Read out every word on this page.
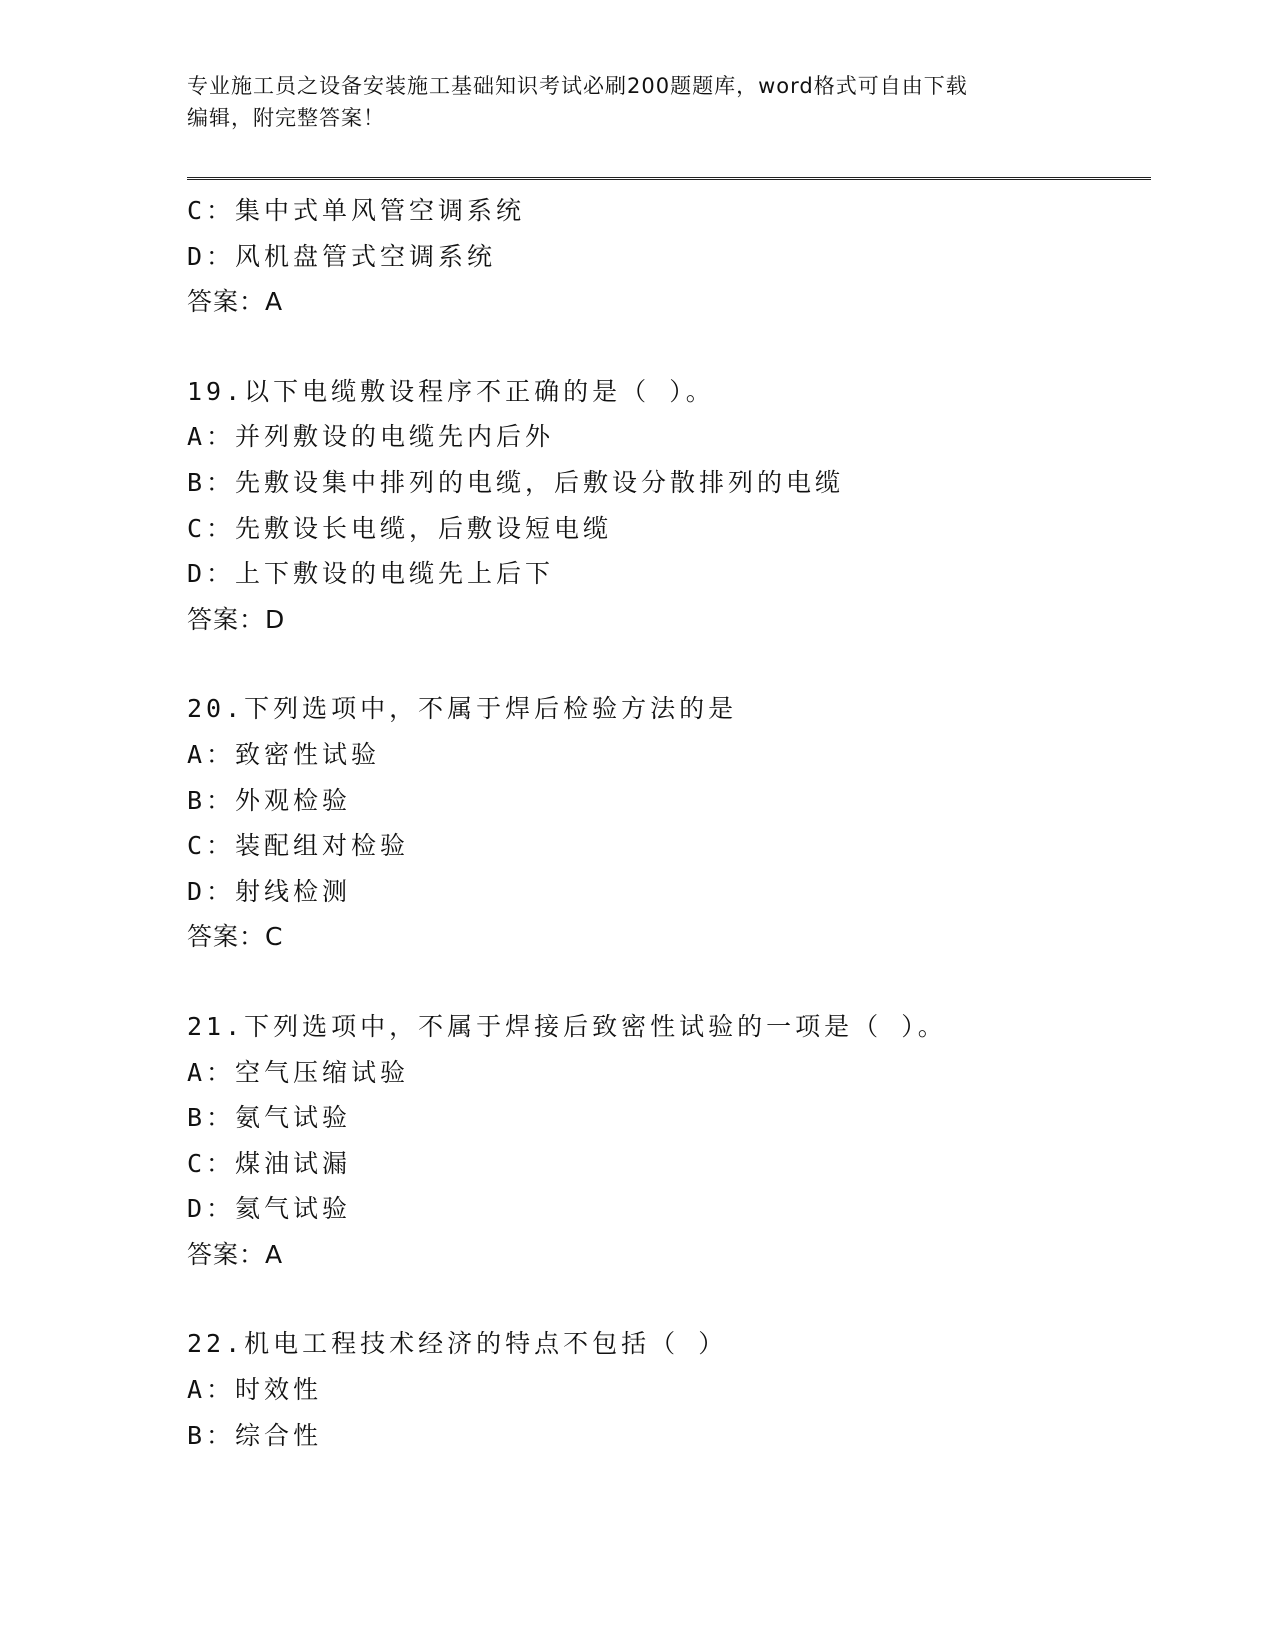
专业施工员之设备安装施工基础知识考试必刷200题题库，word格式可自由下载
编辑，附完整答案！
C：集中式单风管空调系统
D：风机盘管式空调系统
答案：A
19.以下电缆敷设程序不正确的是（ ）。
A：并列敷设的电缆先内后外
B：先敷设集中排列的电缆，后敷设分散排列的电缆
C：先敷设长电缆，后敷设短电缆
D：上下敷设的电缆先上后下
答案：D
20.下列选项中，不属于焊后检验方法的是
A：致密性试验
B：外观检验
C：装配组对检验
D：射线检测
答案：C
21.下列选项中，不属于焊接后致密性试验的一项是（ ）。
A：空气压缩试验
B：氨气试验
C：煤油试漏
D：氦气试验
答案：A
22.机电工程技术经济的特点不包括（ ）
A：时效性
B：综合性
